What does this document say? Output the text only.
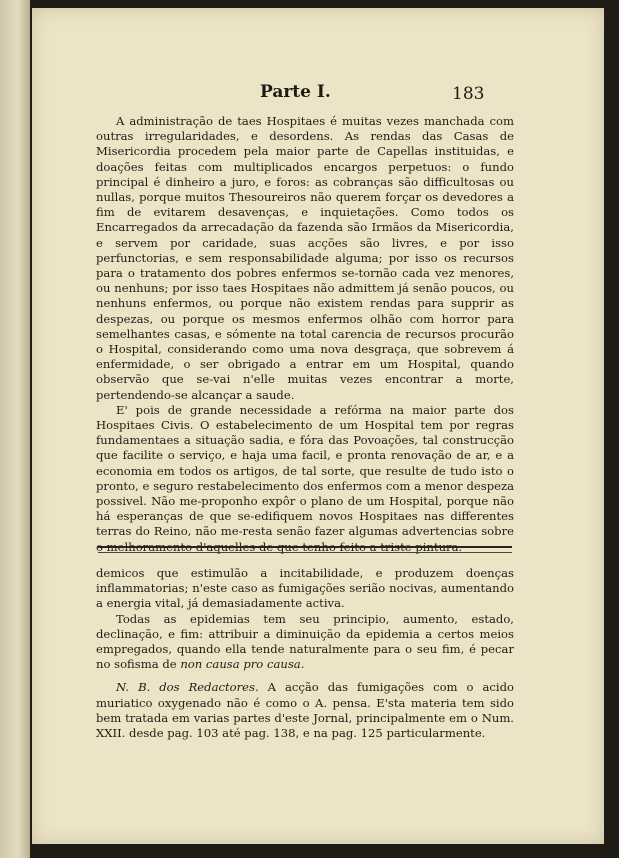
Parte I.	183

A administração de taes Hospitaes é muitas vezes manchada com outras irregularidades, e desordens. As rendas das Casas de Misericordia procedem pela maior parte de Capellas instituidas, e doações feitas com multiplicados encargos perpetuos: o fundo principal é dinheiro a juro, e foros: as cobranças são difficultosas ou nullas, porque muitos Thesoureiros não querem forçar os devedores a fim de evitarem desavenças, e inquietações. Como todos os Encarregados da arrecadação da fazenda são Irmãos da Misericordia, e servem por caridade, suas acções são livres, e por isso perfunctorias, e sem responsabilidade alguma; por isso os recursos para o tratamento dos pobres enfermos se-tornão cada vez menores, ou nenhuns; por isso taes Hospitaes não admittem já senão poucos, ou nenhuns enfermos, ou porque não existem rendas para supprir as despezas, ou porque os mesmos enfermos olhão com horror para semelhantes casas, e sómente na total carencia de recursos procurão o Hospital, considerando como uma nova desgraça, que sobrevem á enfermidade, o ser obrigado a entrar em um Hospital, quando observão que se-vai n'elle muitas vezes encontrar a morte, pertendendo-se alcançar a saude.

E' pois de grande necessidade a refórma na maior parte dos Hospitaes Civis. O estabelecimento de um Hospital tem por regras fundamentaes a situação sadia, e fóra das Povoações, tal construcção que facilite o serviço, e haja uma facil, e pronta renovação de ar, e a economia em todos os artigos, de tal sorte, que resulte de tudo isto o pronto, e seguro restabelecimento dos enfermos com a menor despeza possivel. Não me-proponho expôr o plano de um Hospital, porque não há esperanças de que se-edifiquem novos Hospitaes nas differentes terras do Reino, não me-resta senão fazer algumas advertencias sobre o melhoramento d'aquelles de que tenho feito a triste pintura.

demicos que estimulão a incitabilidade, e produzem doenças inflammatorias; n'este caso as fumigações serião nocivas, aumentando a energia vital, já demasiadamente activa.

Todas as epidemias tem seu principio, aumento, estado, declinação, e fim: attribuir a diminuição da epidemia a certos meios empregados, quando ella tende naturalmente para o seu fim, é pecar no sofisma de non causa pro causa.

N. B. dos Redactores. A acção das fumigações com o acido muriatico oxygenado não é como o A. pensa. E'sta materia tem sido bem tratada em varias partes d'este Jornal, principalmente em o Num. XXII. desde pag. 103 até pag. 138, e na pag. 125 particularmente.
